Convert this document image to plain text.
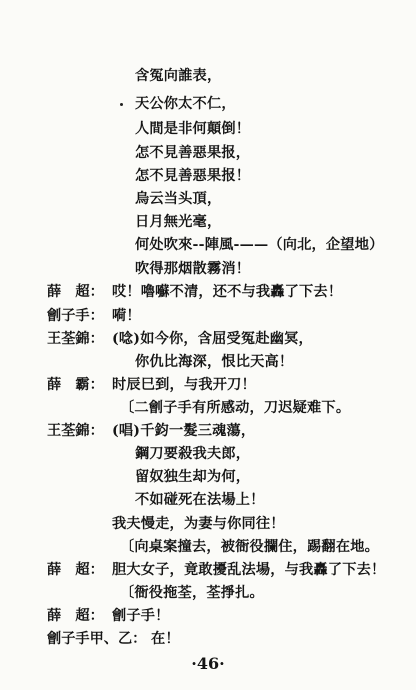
含冤向誰表，
天公你太不仁，
人間是非何顛倒！
怎不見善惡果报，
怎不見善惡果报！
烏云当头頂，
日月無光毫，
何处吹來--陣風-——（向北，企望地）
吹得那烟散霧消！
薛　超： 哎！嚕囌不清，还不与我轟了下去！
劊子手： 嗬！
王荃錦： (唸)如今你，含屈受冤赴幽冥，
你仇比海深，恨比天高！
薛　霸： 时辰巳到，与我开刀！
〔二劊子手有所感动，刀迟疑难下。
王荃錦： (唱)千鈞一髮三魂蕩，
鋼刀要殺我夫郎，
留奴独生却为何，
不如碰死在法場上！
我夫慢走，为妻与你同往！
〔向桌案撞去，被衙役攔住，踢翻在地。
薛　超： 胆大女子，竟敢擾乱法場，与我轟了下去！
〔衙役拖荃，荃掙扎。
薛　超： 劊子手！
劊子手甲、乙： 在！
·46·
